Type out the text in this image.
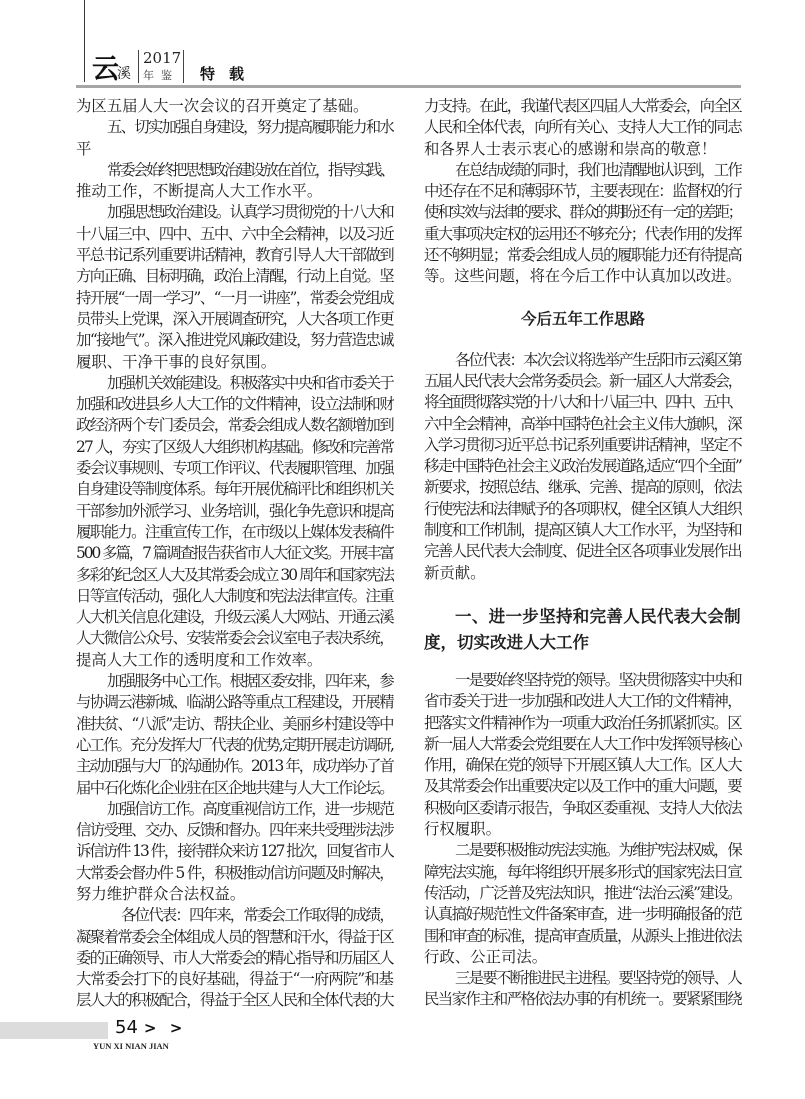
云
溪
2017
年鉴 特载
为区五届人大一次会议的召开奠定了基础。
五、切实加强自身建设，努力提高履职能力和水
平
常委会始终把思想政治建设放在首位，指导实践、
推动工作，不断提高人大工作水平。
加强思想政治建设。认真学习贯彻党的十八大和
十八届三中、四中、五中、六中全会精神，以及习近
平总书记系列重要讲话精神，教育引导人大干部做到
方向正确、目标明确，政治上清醒，行动上自觉。坚
持开展“一周一学习”、“一月一讲座”，常委会党组成
员带头上党课，深入开展调查研究，人大各项工作更
加“接地气”。深入推进党风廉政建设，努力营造忠诚
履职、干净干事的良好氛围。
加强机关效能建设。积极落实中央和省市委关于
加强和改进县乡人大工作的文件精神，设立法制和财
政经济两个专门委员会，常委会组成人数名额增加到
27 人，夯实了区级人大组织机构基础。修改和完善常
委会议事规则、专项工作评议、代表履职管理、加强
自身建设等制度体系。每年开展优稿评比和组织机关
干部参加外派学习、业务培训，强化争先意识和提高
履职能力。注重宣传工作，在市级以上媒体发表稿件
500 多篇，7 篇调查报告获省市人大征文奖。开展丰富
多彩的纪念区人大及其常委会成立 30 周年和国家宪法
日等宣传活动，强化人大制度和宪法法律宣传。注重
人大机关信息化建设，升级云溪人大网站、开通云溪
人大微信公众号、安装常委会会议室电子表决系统，
提高人大工作的透明度和工作效率。
加强服务中心工作。根据区委安排，四年来，参
与协调云港新城、临湖公路等重点工程建设，开展精
准扶贫、“八派”走访、帮扶企业、美丽乡村建设等中
心工作。充分发挥大厂代表的优势,定期开展走访调研,
主动加强与大厂的沟通协作。2013 年，成功举办了首
届中石化炼化企业驻在区企地共建与人大工作论坛。
加强信访工作。高度重视信访工作，进一步规范
信访受理、交办、反馈和督办。四年来共受理涉法涉
诉信访件 13 件，接待群众来访 127 批次，回复省市人
大常委会督办件 5 件，积极推动信访问题及时解决，
努力维护群众合法权益。
各位代表：四年来，常委会工作取得的成绩，
凝聚着常委会全体组成人员的智慧和汗水，得益于区
委的正确领导、市人大常委会的精心指导和历届区人
大常委会打下的良好基础，得益于“一府两院”和基
层人大的积极配合，得益于全区人民和全体代表的大
力支持。在此，我谨代表区四届人大常委会，向全区
人民和全体代表，向所有关心、支持人大工作的同志
和各界人士表示衷心的感谢和崇高的敬意！
在总结成绩的同时，我们也清醒地认识到，工作
中还存在不足和薄弱环节，主要表现在：监督权的行
使和实效与法律的要求、群众的期盼还有一定的差距；
重大事项决定权的运用还不够充分；代表作用的发挥
还不够明显；常委会组成人员的履职能力还有待提高
等。这些问题，将在今后工作中认真加以改进。
今后五年工作思路
各位代表：本次会议将选举产生岳阳市云溪区第
五届人民代表大会常务委员会。新一届区人大常委会，
将全面贯彻落实党的十八大和十八届三中、四中、五中、
六中全会精神，高举中国特色社会主义伟大旗帜，深
入学习贯彻习近平总书记系列重要讲话精神，坚定不
移走中国特色社会主义政治发展道路,适应“四个全面”
新要求，按照总结、继承、完善、提高的原则，依法
行使宪法和法律赋予的各项职权，健全区镇人大组织
制度和工作机制，提高区镇人大工作水平，为坚持和
完善人民代表大会制度、促进全区各项事业发展作出
新贡献。
一、进一步坚持和完善人民代表大会制
度，切实改进人大工作
一是要始终坚持党的领导。坚决贯彻落实中央和
省市委关于进一步加强和改进人大工作的文件精神，
把落实文件精神作为一项重大政治任务抓紧抓实。区
新一届人大常委会党组要在人大工作中发挥领导核心
作用，确保在党的领导下开展区镇人大工作。区人大
及其常委会作出重要决定以及工作中的重大问题，要
积极向区委请示报告，争取区委重视、支持人大依法
行权履职。
二是要积极推动宪法实施。为维护宪法权威，保
障宪法实施，每年将组织开展多形式的国家宪法日宣
传活动，广泛普及宪法知识，推进“法治云溪”建设。
认真搞好规范性文件备案审查，进一步明确报备的范
围和审查的标准，提高审查质量，从源头上推进依法
行政、公正司法。
三是要不断推进民主进程。要坚持党的领导、人
民当家作主和严格依法办事的有机统一。要紧紧围绕
54 > >
YUN XI NIAN JIAN
